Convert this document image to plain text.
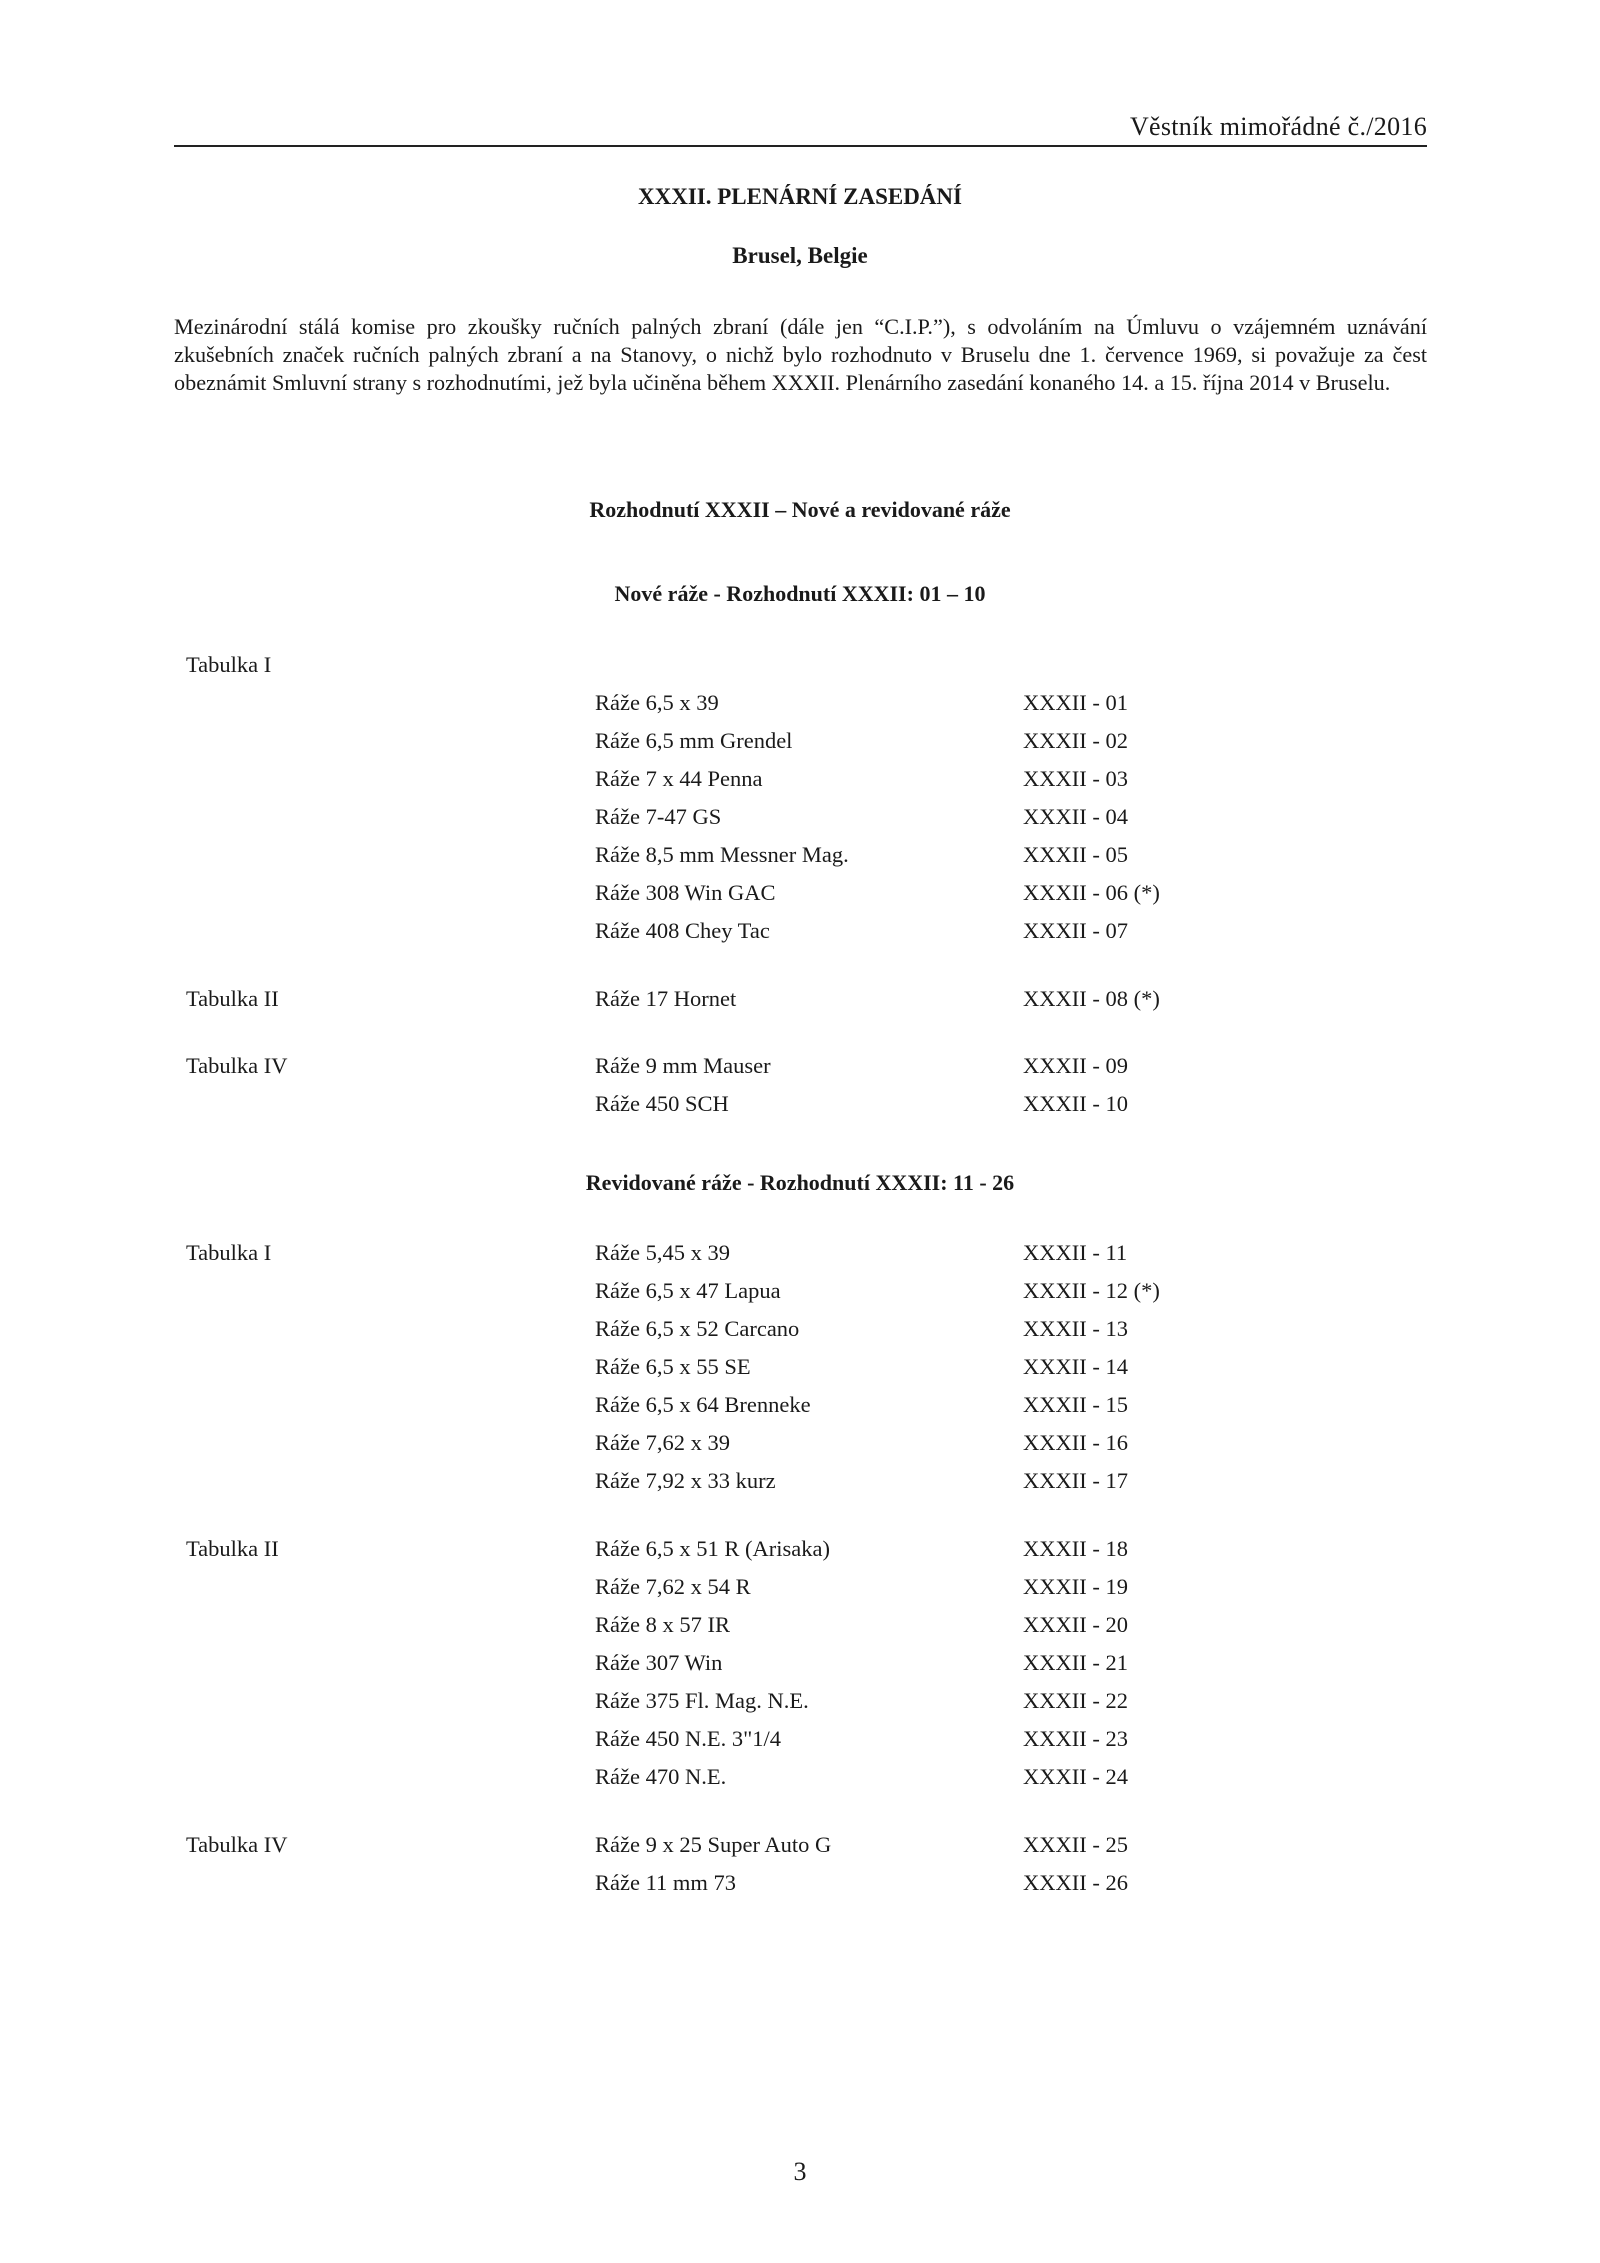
Věstník mimořádné č./2016
XXXII. PLENÁRNÍ ZASEDÁNÍ
Brusel, Belgie
Mezinárodní stálá komise pro zkoušky ručních palných zbraní (dále jen “C.I.P.”), s odvoláním na Úmluvu o vzájemném uznávání zkušebních značek ručních palných zbraní a na Stanovy, o nichž bylo rozhodnuto v Bruselu dne 1. července 1969, si považuje za čest obeznámit Smluvní strany s rozhodnutími, jež byla učiněna během XXXII. Plenárního zasedání konaného 14. a 15. října 2014 v Bruselu.
Rozhodnutí XXXII – Nové a revidované ráže
Nové ráže - Rozhodnutí XXXII: 01 – 10
Tabulka I
Ráže 6,5 x 39	XXXII - 01
Ráže 6,5 mm Grendel	XXXII - 02
Ráže 7 x 44 Penna	XXXII - 03
Ráže 7-47 GS	XXXII - 04
Ráže 8,5 mm Messner Mag.	XXXII - 05
Ráže 308 Win GAC	XXXII - 06 (*)
Ráže 408 Chey Tac	XXXII - 07
Tabulka II	Ráže 17 Hornet	XXXII - 08 (*)
Tabulka IV	Ráže 9 mm Mauser	XXXII - 09
Ráže 450 SCH	XXXII - 10
Revidované ráže - Rozhodnutí XXXII: 11 - 26
Tabulka I	Ráže 5,45 x 39	XXXII - 11
Ráže 6,5 x 47 Lapua	XXXII - 12 (*)
Ráže 6,5 x 52 Carcano	XXXII - 13
Ráže 6,5 x 55 SE	XXXII - 14
Ráže 6,5 x 64 Brenneke	XXXII - 15
Ráže 7,62 x 39	XXXII - 16
Ráže 7,92 x 33 kurz	XXXII - 17
Tabulka II	Ráže 6,5 x 51 R (Arisaka)	XXXII - 18
Ráže 7,62 x 54 R	XXXII - 19
Ráže 8 x 57 IR	XXXII - 20
Ráže 307 Win	XXXII - 21
Ráže 375 Fl. Mag. N.E.	XXXII - 22
Ráže 450 N.E. 3"1/4	XXXII - 23
Ráže 470 N.E.	XXXII - 24
Tabulka IV	Ráže 9 x 25 Super Auto G	XXXII - 25
Ráže 11 mm 73	XXXII - 26
3
